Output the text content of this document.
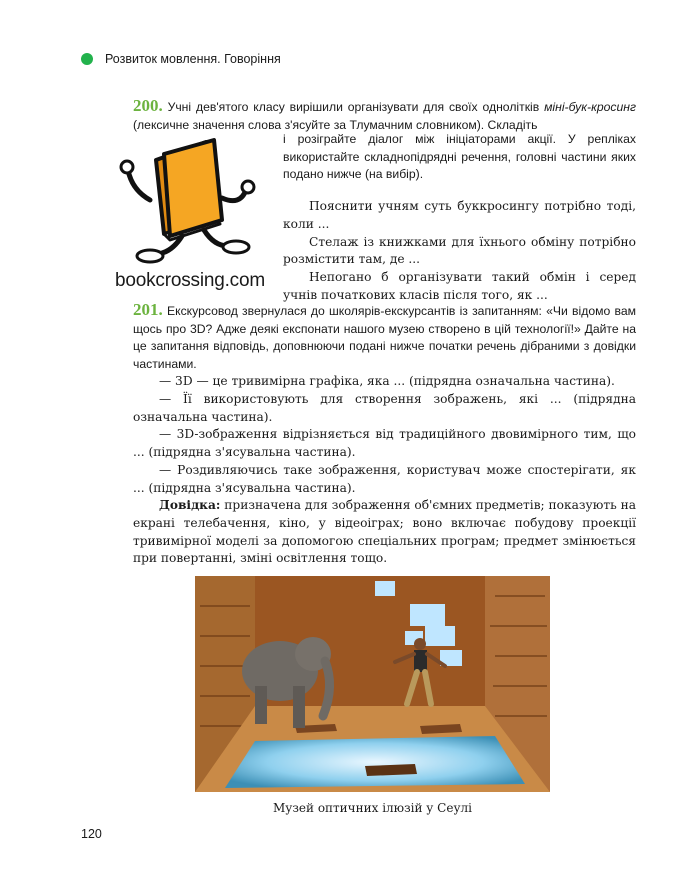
Розвиток мовлення. Говоріння

200. Учні дев'ятого класу вирішили організувати для своїх однолітків міні-бук-кросинг (лексичне значення слова з'ясуйте за Тлумачним словником). Складіть

і розіграйте діалог між ініціаторами акції. У репліках використайте складнопідрядні речення, головні частини яких подано нижче (на вибір).

Пояснити учням суть буккросингу потрібно тоді, коли ...

Стелаж із книжками для їхнього обміну потрібно розмістити там, де ...

Непогано б організувати такий обмін і серед учнів початкових класів після того, як ...

bookcrossing.com

201. Екскурсовод звернулася до школярів-екскурсантів із запитанням: «Чи відомо вам щось про 3D? Адже деякі експонати нашого музею створено в цій технології!» Дайте на це запитання відповідь, доповнюючи подані нижче початки речень дібраними з довідки частинами.

— 3D — це тривимірна графіка, яка ... (підрядна означальна частина).

— Її використовують для створення зображень, які ... (підрядна означальна частина).

— 3D-зображення відрізняється від традиційного двовимірного тим, що ... (підрядна з'ясувальна частина).

— Роздивляючись таке зображення, користувач може спостерігати, як ... (підрядна з'ясувальна частина).

Довідка: призначена для зображення об'ємних предметів; показують на екрані телебачення, кіно, у відеоіграх; воно включає побудову проекції тривимірної моделі за допомогою спеціальних програм; предмет змінюється при повертанні, зміні освітлення тощо.

Музей оптичних ілюзій у Сеулі
120
